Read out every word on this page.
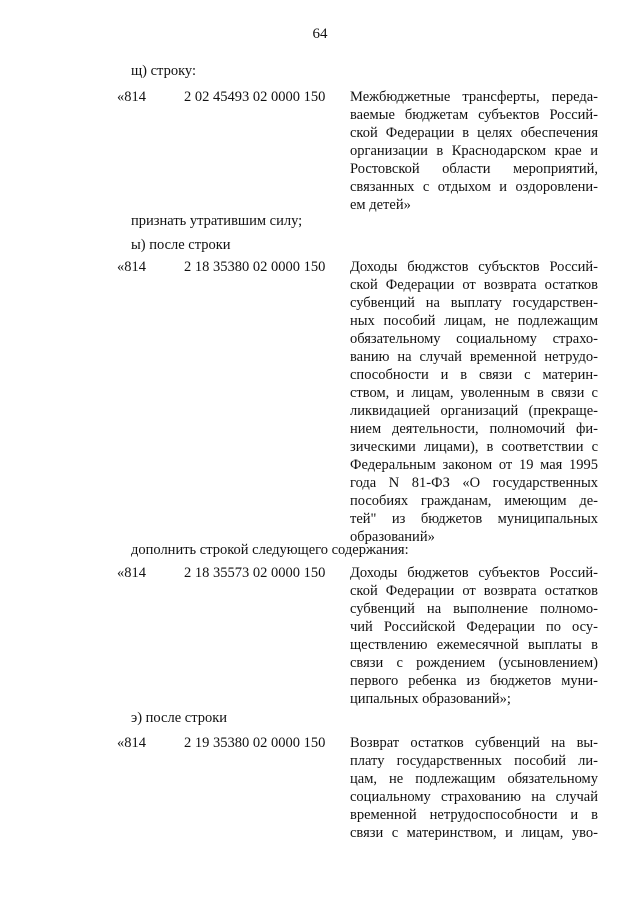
64
щ) строку:
«814	2 02 45493 02 0000 150 Межбюджетные трансферты, переда-
ваемые бюджетам субъектов Россий-
ской Федерации в целях обеспечения
организации в Краснодарском крае и
Ростовской области мероприятий,
связанных с отдыхом и оздоровлени-
ем детей»
признать утратившим силу;
ы) после строки
«814	2 18 35380 02 0000 150 Доходы бюджстов субъсктов Россий-
ской Федерации от возврата остатков
субвенций на выплату государствен-
ных пособий лицам, не подлежащим
обязательному социальному страхо-
ванию на случай временной нетрудо-
способности и в связи с материн-
ством, и лицам, уволенным в связи с
ликвидацией организаций (прекраще-
нием деятельности, полномочий фи-
зическими лицами), в соответствии с
Федеральным законом от 19 мая 1995
года N 81-ФЗ «О государственных
пособиях гражданам, имеющим де-
тей" из бюджетов муниципальных
образований»
дополнить строкой следующего содержания:
«814	2 18 35573 02 0000 150 Доходы бюджетов субъектов Россий-
ской Федерации от возврата остатков
субвенций на выполнение полномо-
чий Российской Федерации по осу-
ществлению ежемесячной выплаты в
связи с рождением (усыновлением)
первого ребенка из бюджетов муни-
ципальных образований»;
э) после строки
«814	2 19 35380 02 0000 150 Возврат остатков субвенций на вы-
плату государственных пособий ли-
цам, не подлежащим обязательному
социальному страхованию на случай
временной нетрудоспособности и в
связи с материнством, и лицам, уво-
